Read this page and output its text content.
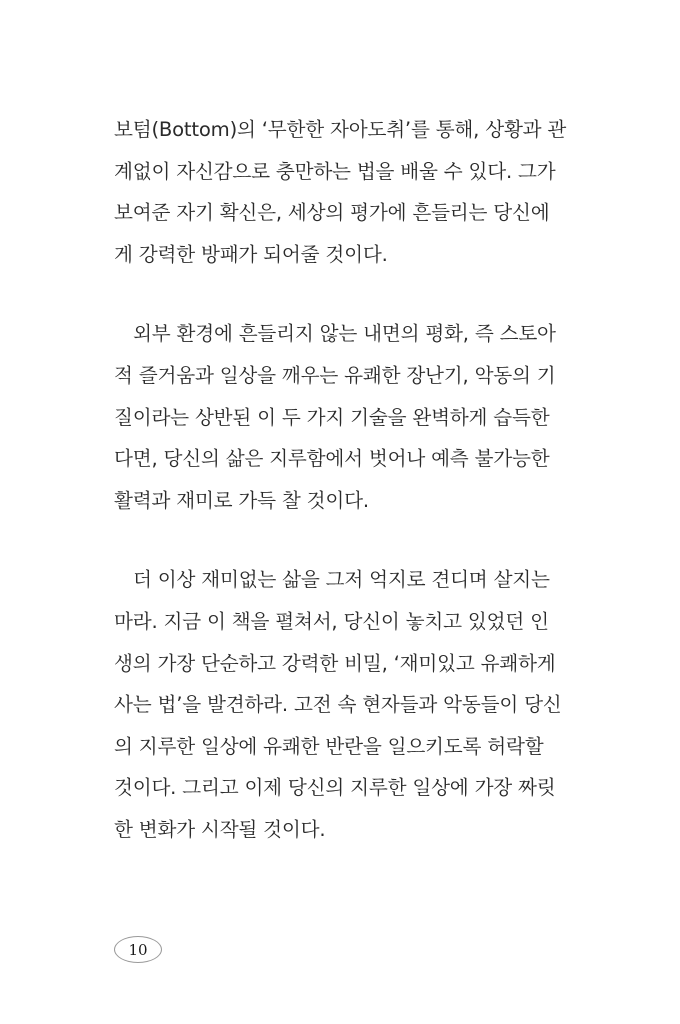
보텀(Bottom)의 ‘무한한 자아도취’를 통해, 상황과 관
계없이 자신감으로 충만하는 법을 배울 수 있다. 그가
보여준 자기 확신은, 세상의 평가에 흔들리는 당신에
게 강력한 방패가 되어줄 것이다.
외부 환경에 흔들리지 않는 내면의 평화, 즉 스토아
적 즐거움과 일상을 깨우는 유쾌한 장난기, 악동의 기
질이라는 상반된 이 두 가지 기술을 완벽하게 습득한
다면, 당신의 삶은 지루함에서 벗어나 예측 불가능한
활력과 재미로 가득 찰 것이다.
더 이상 재미없는 삶을 그저 억지로 견디며 살지는
마라. 지금 이 책을 펼쳐서, 당신이 놓치고 있었던 인
생의 가장 단순하고 강력한 비밀, ‘재미있고 유쾌하게
사는 법’을 발견하라. 고전 속 현자들과 악동들이 당신
의 지루한 일상에 유쾌한 반란을 일으키도록 허락할
것이다. 그리고 이제 당신의 지루한 일상에 가장 짜릿
한 변화가 시작될 것이다.
10
